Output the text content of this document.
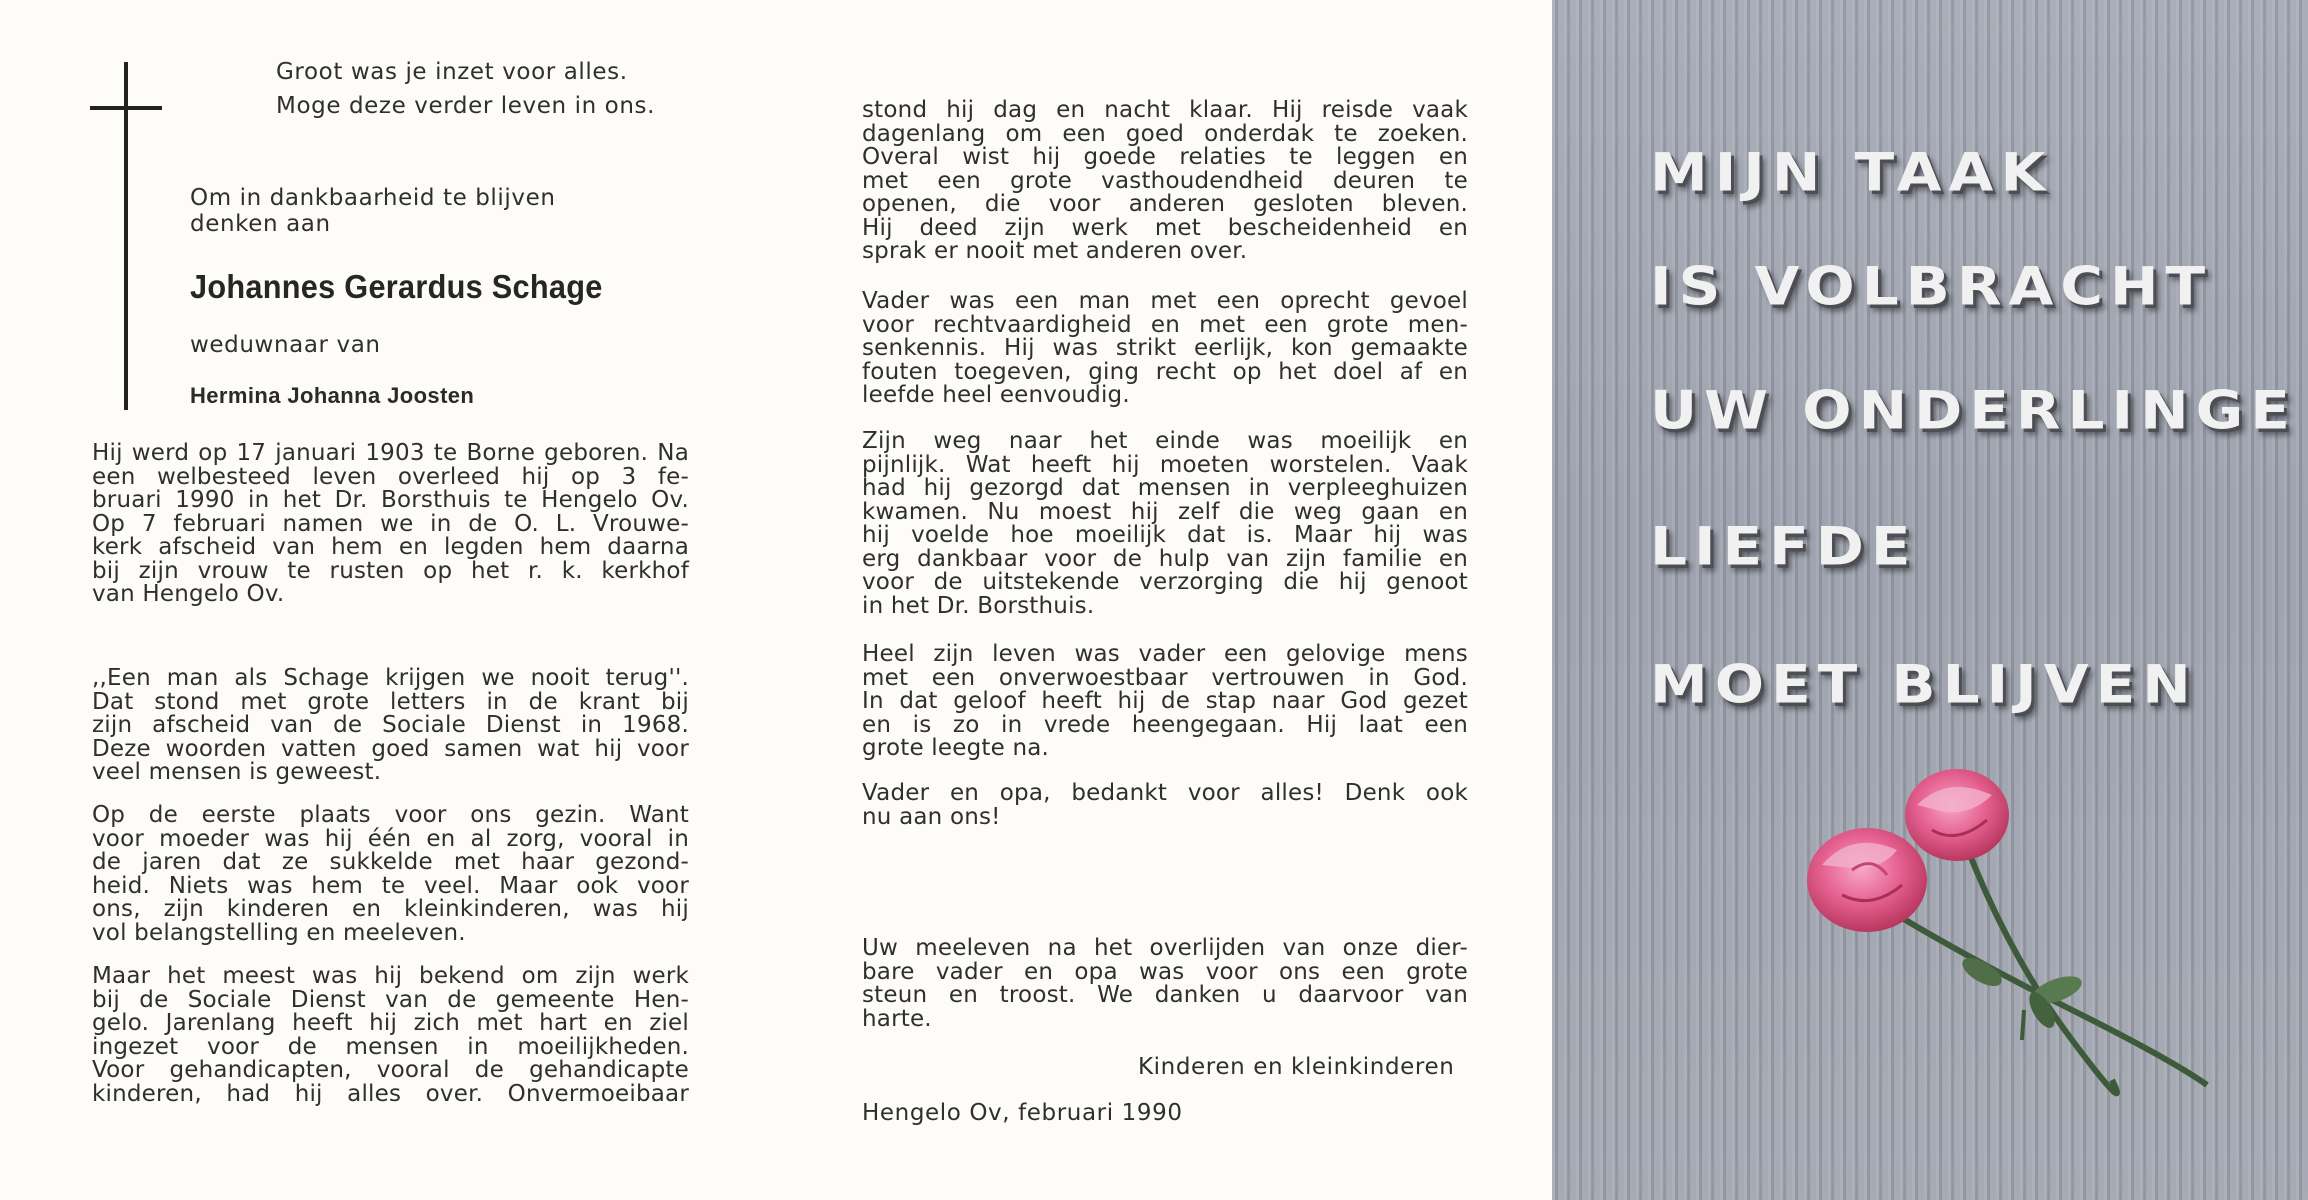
Groot was je inzet voor alles.
Moge deze verder leven in ons.
Om in dankbaarheid te blijven
denken aan
Johannes Gerardus Schage
weduwnaar van
Hermina Johanna Joosten
Hij werd op 17 januari 1903 te Borne geboren. Na
een welbesteed leven overleed hij op 3 fe-
bruari 1990 in het Dr. Borsthuis te Hengelo Ov.
Op 7 februari namen we in de O. L. Vrouwe-
kerk afscheid van hem en legden hem daarna
bij zijn vrouw te rusten op het r. k. kerkhof
van Hengelo Ov.
,,Een man als Schage krijgen we nooit terug''.
Dat stond met grote letters in de krant bij
zijn afscheid van de Sociale Dienst in 1968.
Deze woorden vatten goed samen wat hij voor
veel mensen is geweest.
Op de eerste plaats voor ons gezin. Want
voor moeder was hij één en al zorg, vooral in
de jaren dat ze sukkelde met haar gezond-
heid. Niets was hem te veel. Maar ook voor
ons, zijn kinderen en kleinkinderen, was hij
vol belangstelling en meeleven.
Maar het meest was hij bekend om zijn werk
bij de Sociale Dienst van de gemeente Hen-
gelo. Jarenlang heeft hij zich met hart en ziel
ingezet voor de mensen in moeilijkheden.
Voor gehandicapten, vooral de gehandicapte
kinderen, had hij alles over. Onvermoeibaar
stond hij dag en nacht klaar. Hij reisde vaak
dagenlang om een goed onderdak te zoeken.
Overal wist hij goede relaties te leggen en
met een grote vasthoudendheid deuren te
openen, die voor anderen gesloten bleven.
Hij deed zijn werk met bescheidenheid en
sprak er nooit met anderen over.
Vader was een man met een oprecht gevoel
voor rechtvaardigheid en met een grote men-
senkennis. Hij was strikt eerlijk, kon gemaakte
fouten toegeven, ging recht op het doel af en
leefde heel eenvoudig.
Zijn weg naar het einde was moeilijk en
pijnlijk. Wat heeft hij moeten worstelen. Vaak
had hij gezorgd dat mensen in verpleeghuizen
kwamen. Nu moest hij zelf die weg gaan en
hij voelde hoe moeilijk dat is. Maar hij was
erg dankbaar voor de hulp van zijn familie en
voor de uitstekende verzorging die hij genoot
in het Dr. Borsthuis.
Heel zijn leven was vader een gelovige mens
met een onverwoestbaar vertrouwen in God.
In dat geloof heeft hij de stap naar God gezet
en is zo in vrede heengegaan. Hij laat een
grote leegte na.
Vader en opa, bedankt voor alles! Denk ook
nu aan ons!
Uw meeleven na het overlijden van onze dier-
bare vader en opa was voor ons een grote
steun en troost. We danken u daarvoor van
harte.
Kinderen en kleinkinderen
Hengelo Ov, februari 1990
MIJN TAAK
IS VOLBRACHT
UW ONDERLINGE
LIEFDE
MOET BLIJVEN
